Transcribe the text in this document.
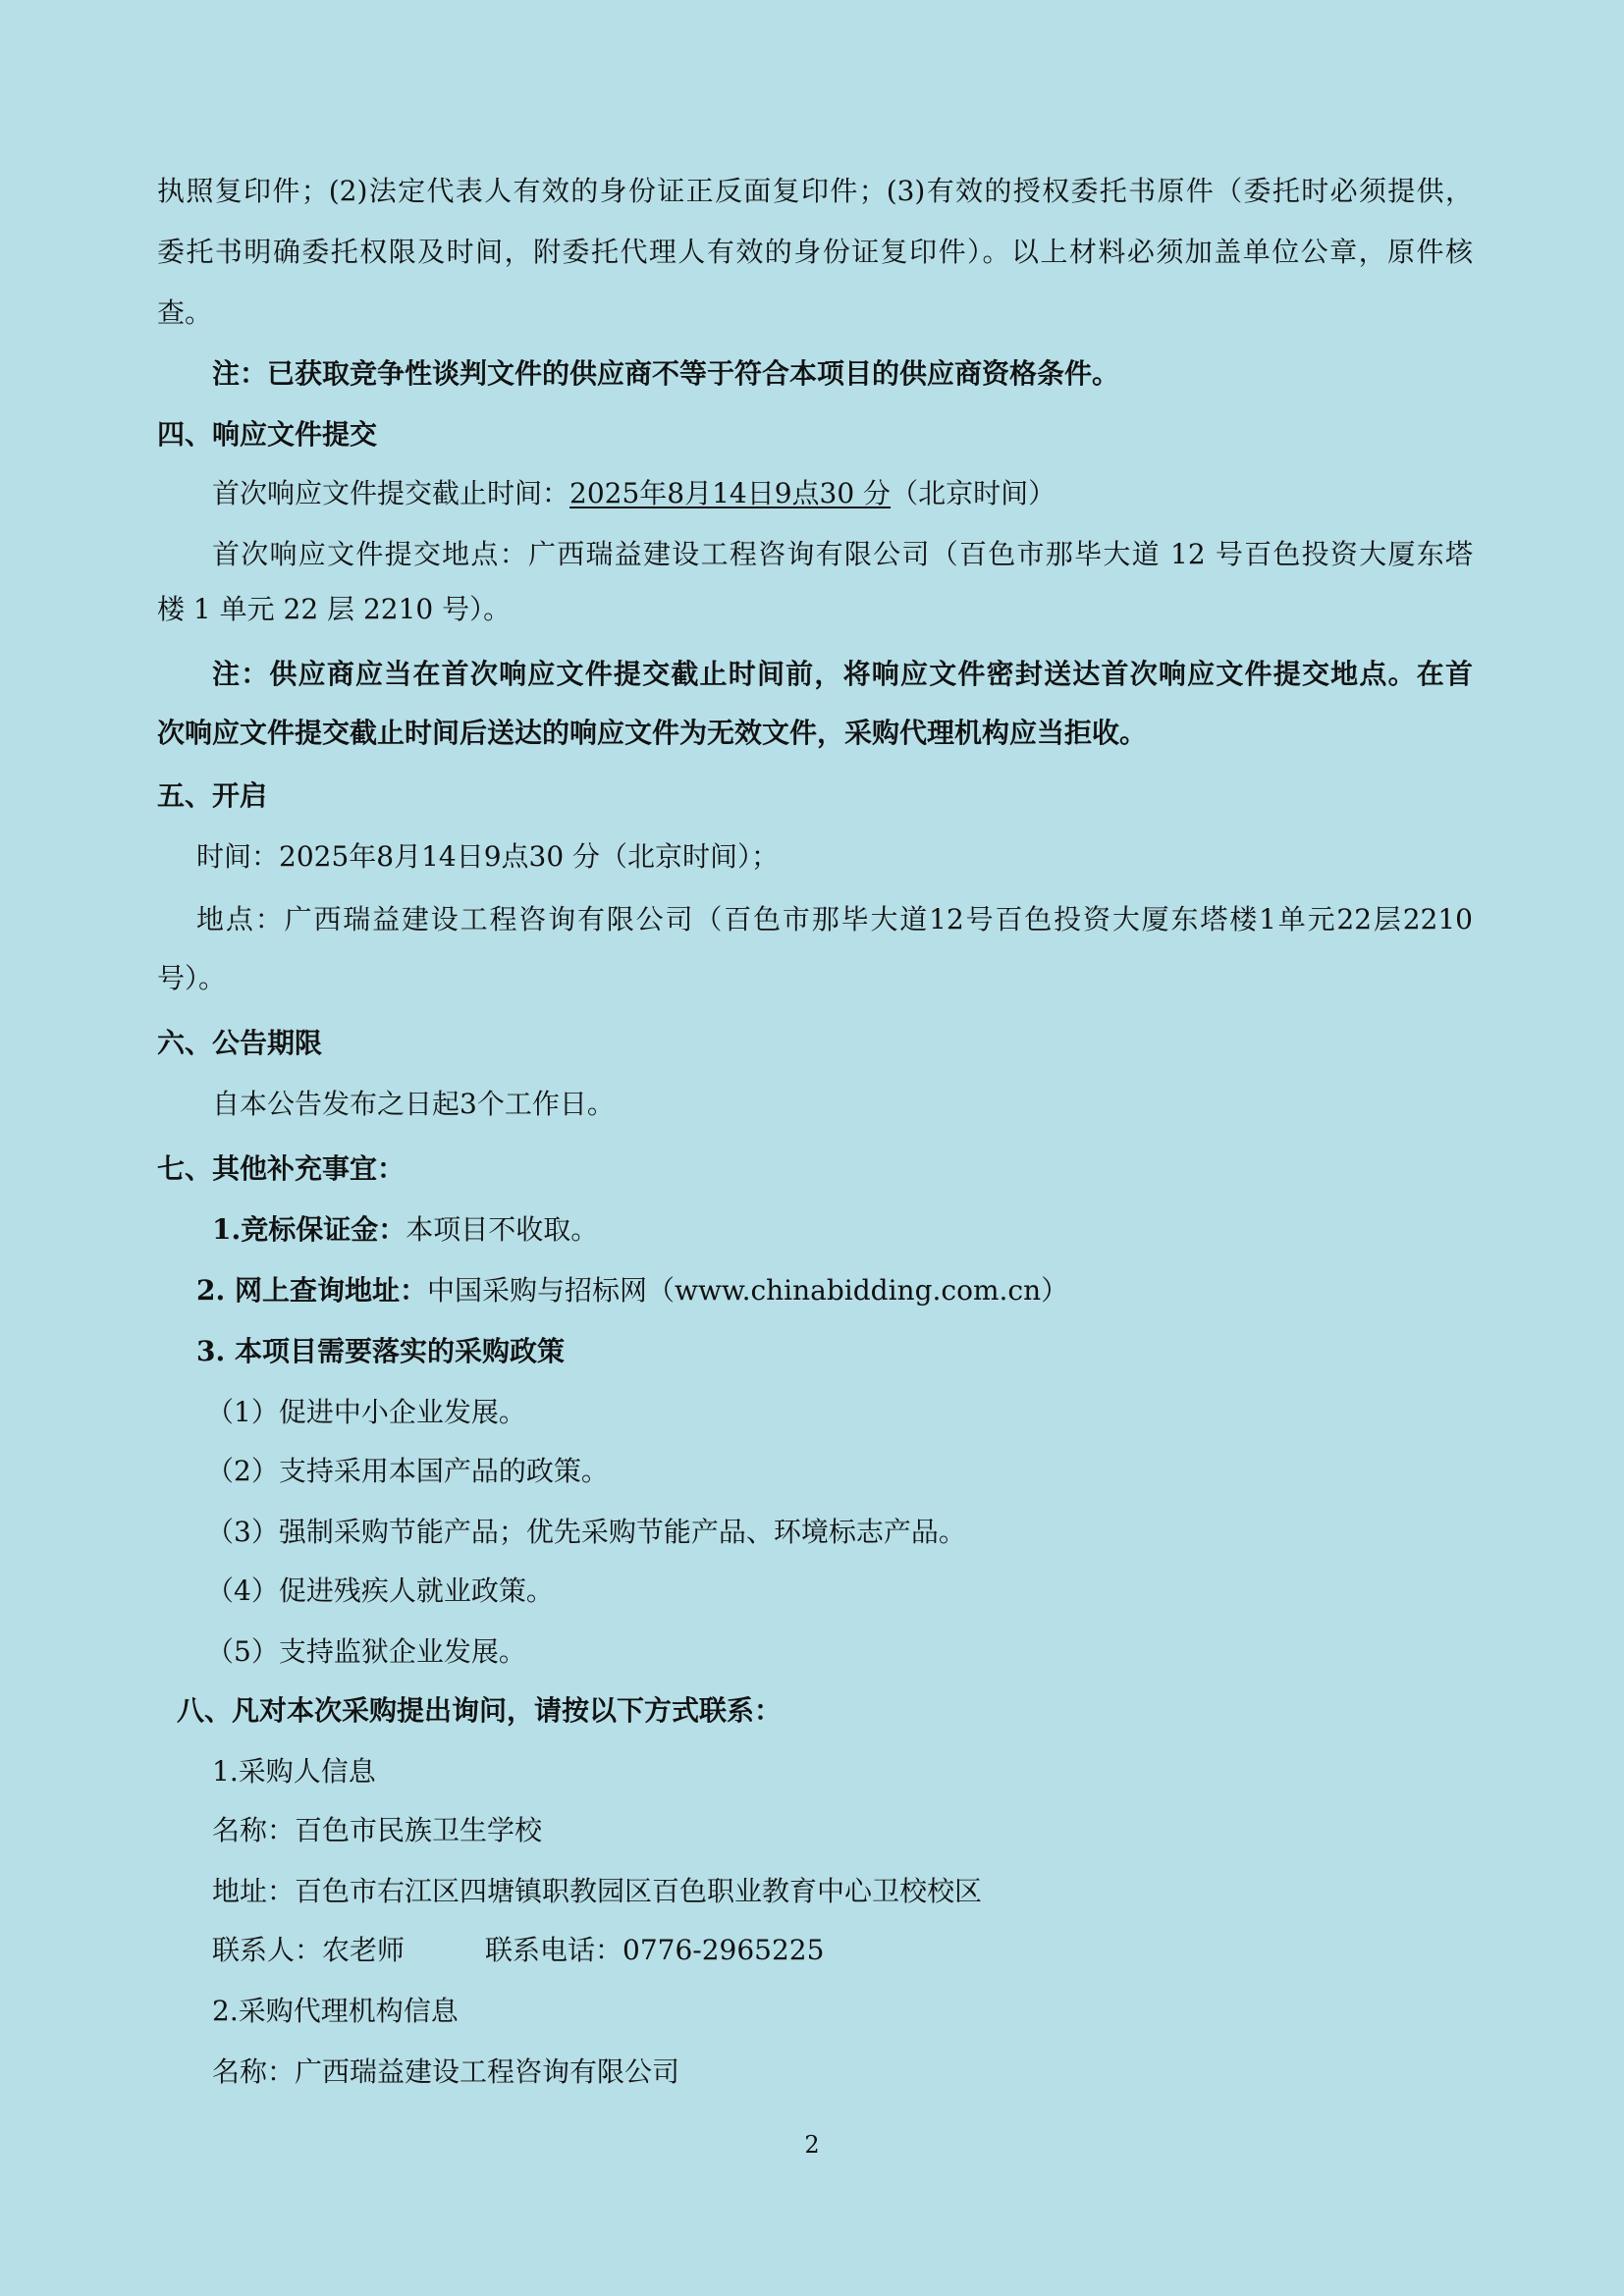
执照复印件；(2)法定代表人有效的身份证正反面复印件；(3)有效的授权委托书原件（委托时必须提供，
委托书明确委托权限及时间，附委托代理人有效的身份证复印件）。以上材料必须加盖单位公章，原件核
查。
注：已获取竞争性谈判文件的供应商不等于符合本项目的供应商资格条件。
四、响应文件提交
首次响应文件提交截止时间：2025年8月14日9点30 分（北京时间）
首次响应文件提交地点：广西瑞益建设工程咨询有限公司（百色市那毕大道 12 号百色投资大厦东塔
楼 1 单元 22 层 2210 号）。
注：供应商应当在首次响应文件提交截止时间前，将响应文件密封送达首次响应文件提交地点。在首
次响应文件提交截止时间后送达的响应文件为无效文件，采购代理机构应当拒收。
五、开启
时间：2025年8月14日9点30 分（北京时间）；
地点：广西瑞益建设工程咨询有限公司（百色市那毕大道12号百色投资大厦东塔楼1单元22层2210
号）。
六、公告期限
自本公告发布之日起3个工作日。
七、其他补充事宜：
1.竞标保证金：本项目不收取。
2. 网上查询地址：中国采购与招标网（www.chinabidding.com.cn）
3. 本项目需要落实的采购政策
（1）促进中小企业发展。
（2）支持采用本国产品的政策。
（3）强制采购节能产品；优先采购节能产品、环境标志产品。
（4）促进残疾人就业政策。
（5）支持监狱企业发展。
八、凡对本次采购提出询问，请按以下方式联系：
1.采购人信息
名称：百色市民族卫生学校
地址：百色市右江区四塘镇职教园区百色职业教育中心卫校校区
联系人：农老师	联系电话：0776-2965225
2.采购代理机构信息
名称：广西瑞益建设工程咨询有限公司
2
